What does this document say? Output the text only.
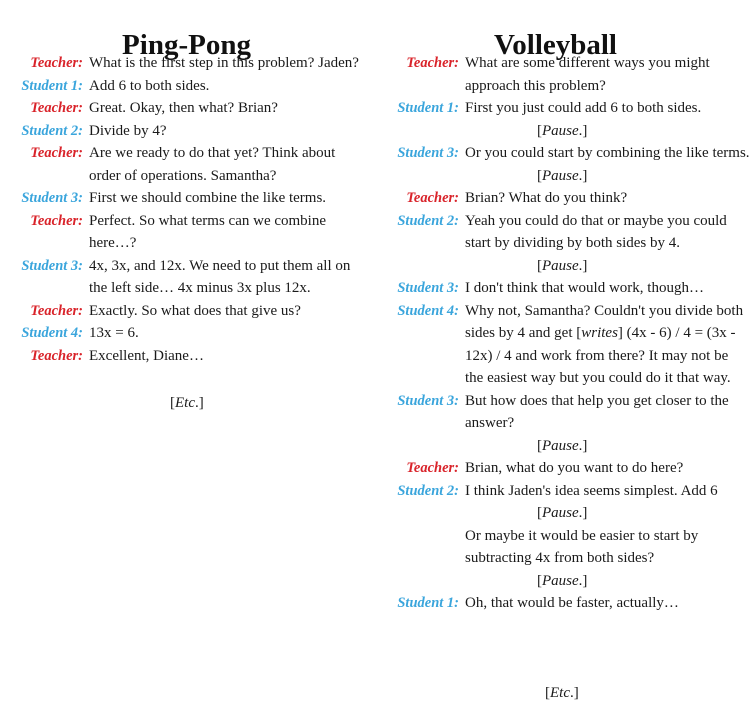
Ping-Pong
Teacher: What is the first step in this problem? Jaden?
Student 1: Add 6 to both sides.
Teacher: Great. Okay, then what? Brian?
Student 2: Divide by 4?
Teacher: Are we ready to do that yet? Think about order of operations. Samantha?
Student 3: First we should combine the like terms.
Teacher: Perfect. So what terms can we combine here…?
Student 3: 4x, 3x, and 12x. We need to put them all on the left side… 4x minus 3x plus 12x.
Teacher: Exactly. So what does that give us?
Student 4: 13x = 6.
Teacher: Excellent, Diane…
[Etc.]
Volleyball
Teacher: What are some different ways you might approach this problem?
Student 1: First you just could add 6 to both sides.
[Pause.]
Student 3: Or you could start by combining the like terms.
[Pause.]
Teacher: Brian? What do you think?
Student 2: Yeah you could do that or maybe you could start by dividing by both sides by 4.
[Pause.]
Student 3: I don't think that would work, though…
Student 4: Why not, Samantha? Couldn't you divide both sides by 4 and get [writes] (4x - 6) / 4 = (3x - 12x) / 4 and work from there? It may not be the easiest way but you could do it that way.
Student 3: But how does that help you get closer to the answer?
[Pause.]
Teacher: Brian, what do you want to do here?
Student 2: I think Jaden's idea seems simplest. Add 6
[Pause.]
Or maybe it would be easier to start by subtracting 4x from both sides?
[Pause.]
Student 1: Oh, that would be faster, actually…
[Etc.]
